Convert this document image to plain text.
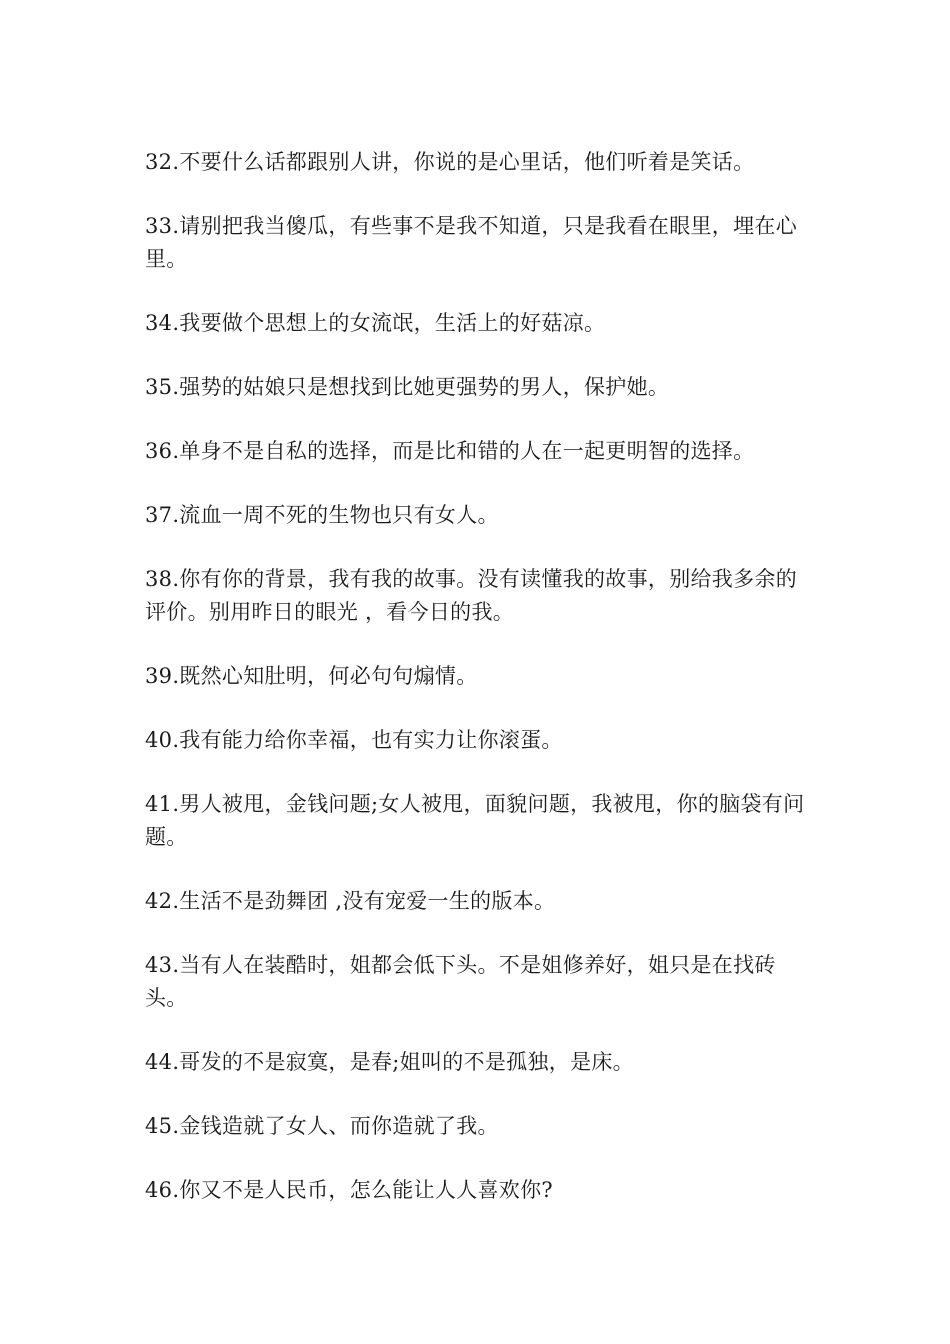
32.不要什么话都跟别人讲，你说的是心里话，他们听着是笑话。

33.请别把我当傻瓜，有些事不是我不知道，只是我看在眼里，埋在心里。

34.我要做个思想上的女流氓，生活上的好菇凉。

35.强势的姑娘只是想找到比她更强势的男人，保护她。

36.单身不是自私的选择，而是比和错的人在一起更明智的选择。

37.流血一周不死的生物也只有女人。

38.你有你的背景，我有我的故事。没有读懂我的故事，别给我多余的评价。别用昨日的眼光 ，看今日的我。

39.既然心知肚明，何必句句煽情。

40.我有能力给你幸福，也有实力让你滚蛋。

41.男人被甩，金钱问题;女人被甩，面貌问题，我被甩，你的脑袋有问题。

42.生活不是劲舞团 ,没有宠爱一生的版本。

43.当有人在装酷时，姐都会低下头。不是姐修养好，姐只是在找砖头。

44.哥发的不是寂寞，是春;姐叫的不是孤独，是床。

45.金钱造就了女人、而你造就了我。

46.你又不是人民币，怎么能让人人喜欢你?
